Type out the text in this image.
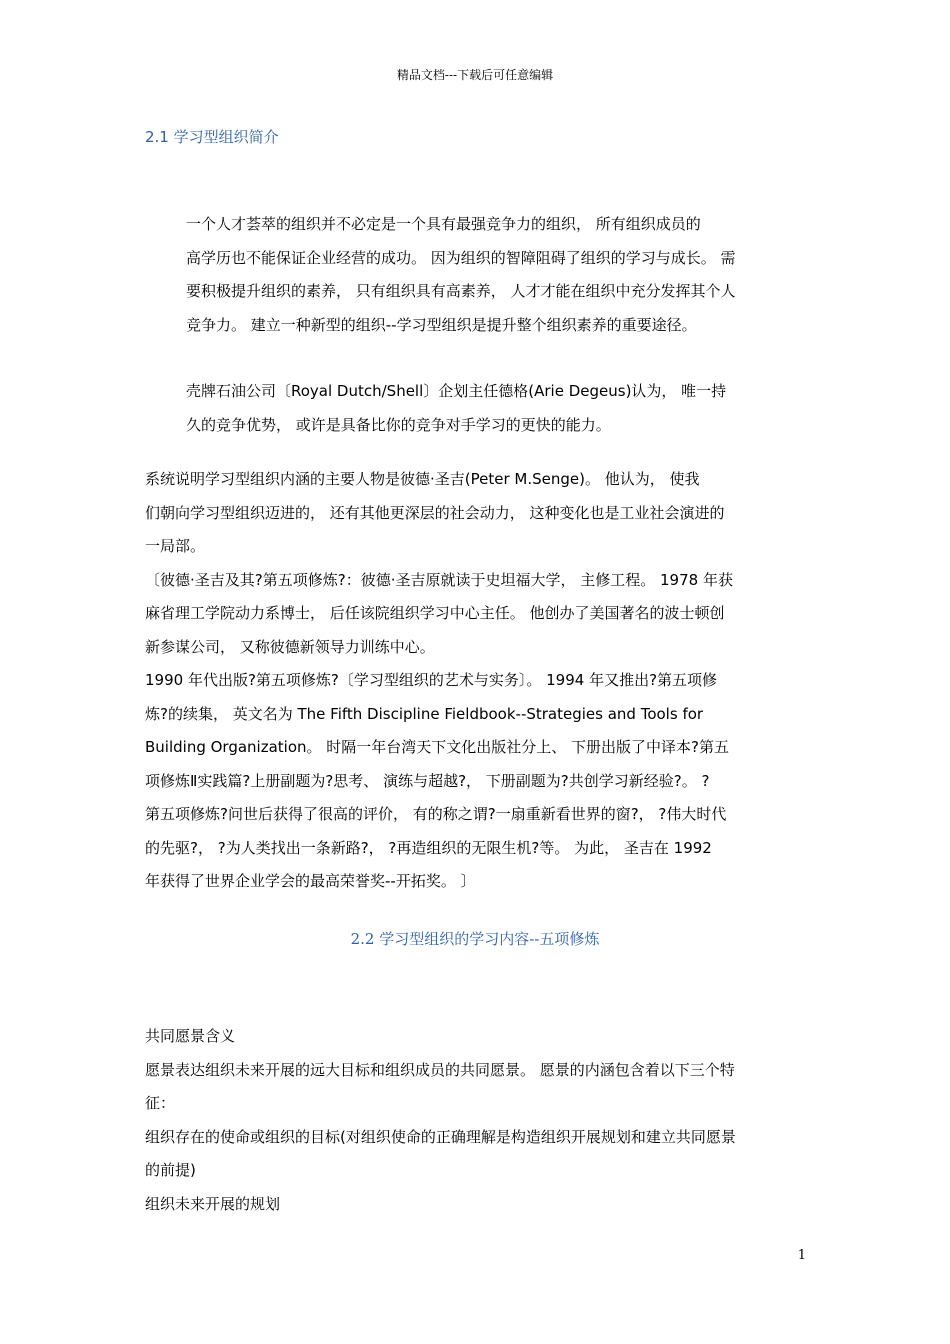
精品文档---下载后可任意编辑
2.1 学习型组织简介
一个人才荟萃的组织并不必定是一个具有最强竞争力的组织， 所有组织成员的
高学历也不能保证企业经营的成功。 因为组织的智障阻碍了组织的学习与成长。 需
要积极提升组织的素养， 只有组织具有高素养， 人才才能在组织中充分发挥其个人
竞争力。 建立一种新型的组织--学习型组织是提升整个组织素养的重要途径。
壳牌石油公司〔Royal Dutch/Shell〕企划主任德格(Arie Degeus)认为， 唯一持
久的竞争优势， 或许是具备比你的竞争对手学习的更快的能力。
系统说明学习型组织内涵的主要人物是彼德·圣吉(Peter M.Senge)。 他认为， 使我
们朝向学习型组织迈进的， 还有其他更深层的社会动力， 这种变化也是工业社会演进的
一局部。
〔彼德·圣吉及其?第五项修炼?：彼德·圣吉原就读于史坦福大学， 主修工程。 1978 年获
麻省理工学院动力系博士， 后任该院组织学习中心主任。 他创办了美国著名的波士顿创
新参谋公司， 又称彼德新领导力训练中心。
1990 年代出版?第五项修炼?〔学习型组织的艺术与实务〕。 1994 年又推出?第五项修
炼?的续集， 英文名为 The Fifth Discipline Fieldbook--Strategies and Tools for
Building Organization。 时隔一年台湾天下文化出版社分上、 下册出版了中译本?第五
项修炼Ⅱ实践篇?上册副题为?思考、 演练与超越?， 下册副题为?共创学习新经验?。 ?
第五项修炼?问世后获得了很高的评价， 有的称之谓?一扇重新看世界的窗?， ?伟大时代
的先驱?， ?为人类找出一条新路?， ?再造组织的无限生机?等。 为此， 圣吉在 1992
年获得了世界企业学会的最高荣誉奖--开拓奖。 〕
2.2 学习型组织的学习内容--五项修炼
共同愿景含义
愿景表达组织未来开展的远大目标和组织成员的共同愿景。 愿景的内涵包含着以下三个特
征：
组织存在的使命或组织的目标(对组织使命的正确理解是构造组织开展规划和建立共同愿景
的前提)
组织未来开展的规划
1
